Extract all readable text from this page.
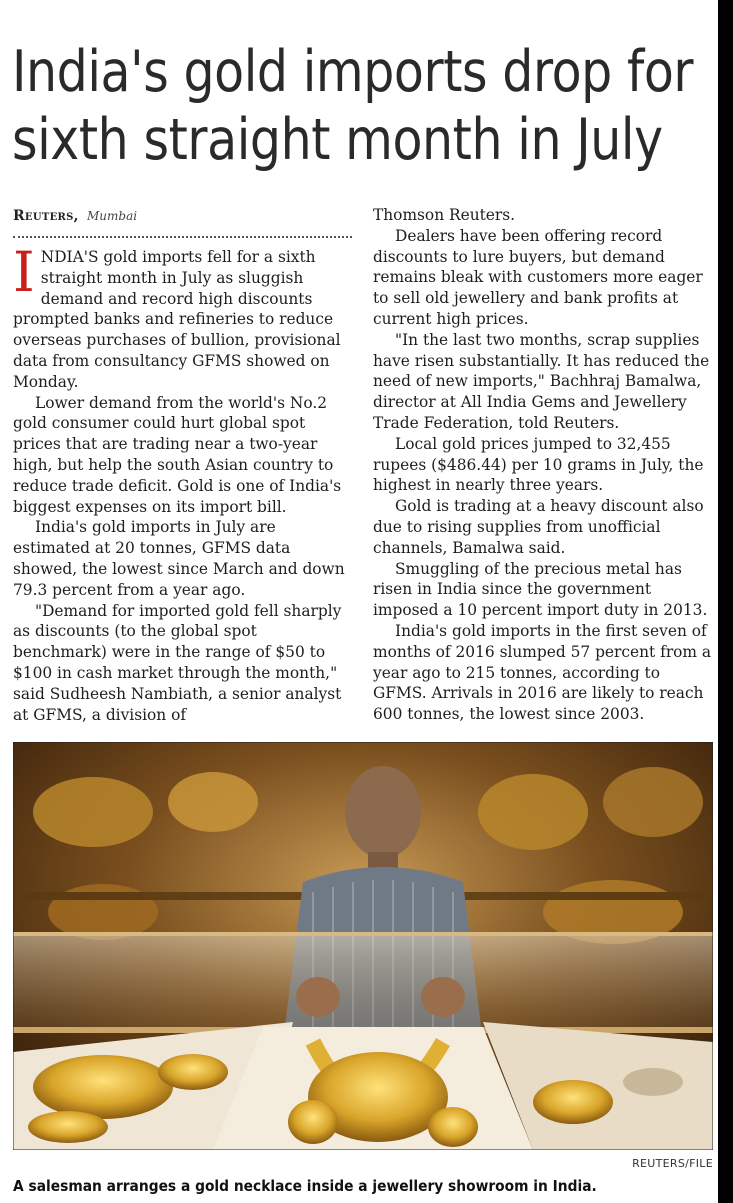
India's gold imports drop for
sixth straight month in July
Reuters, Mumbai

INDIA'S gold imports fell for a sixth straight month in July as sluggish demand and record high discounts prompted banks and refineries to reduce overseas purchases of bullion, provisional data from consultancy GFMS showed on Monday.

Lower demand from the world's No.2 gold consumer could hurt global spot prices that are trading near a two-year high, but help the south Asian country to reduce trade deficit. Gold is one of India's biggest expenses on its import bill.

India's gold imports in July are estimated at 20 tonnes, GFMS data showed, the lowest since March and down 79.3 percent from a year ago.

"Demand for imported gold fell sharply as discounts (to the global spot benchmark) were in the range of $50 to $100 in cash market through the month," said Sudheesh Nambiath, a senior analyst at GFMS, a division of

Thomson Reuters.

Dealers have been offering record discounts to lure buyers, but demand remains bleak with customers more eager to sell old jewellery and bank profits at current high prices.

"In the last two months, scrap supplies have risen substantially. It has reduced the need of new imports," Bachhraj Bamalwa, director at All India Gems and Jewellery Trade Federation, told Reuters.

Local gold prices jumped to 32,455 rupees ($486.44) per 10 grams in July, the highest in nearly three years.

Gold is trading at a heavy discount also due to rising supplies from unofficial channels, Bamalwa said.

Smuggling of the precious metal has risen in India since the government imposed a 10 percent import duty in 2013.

India's gold imports in the first seven of months of 2016 slumped 57 percent from a year ago to 215 tonnes, according to GFMS. Arrivals in 2016 are likely to reach 600 tonnes, the lowest since 2003.

REUTERS/FILE
A salesman arranges a gold necklace inside a jewellery showroom in India.
